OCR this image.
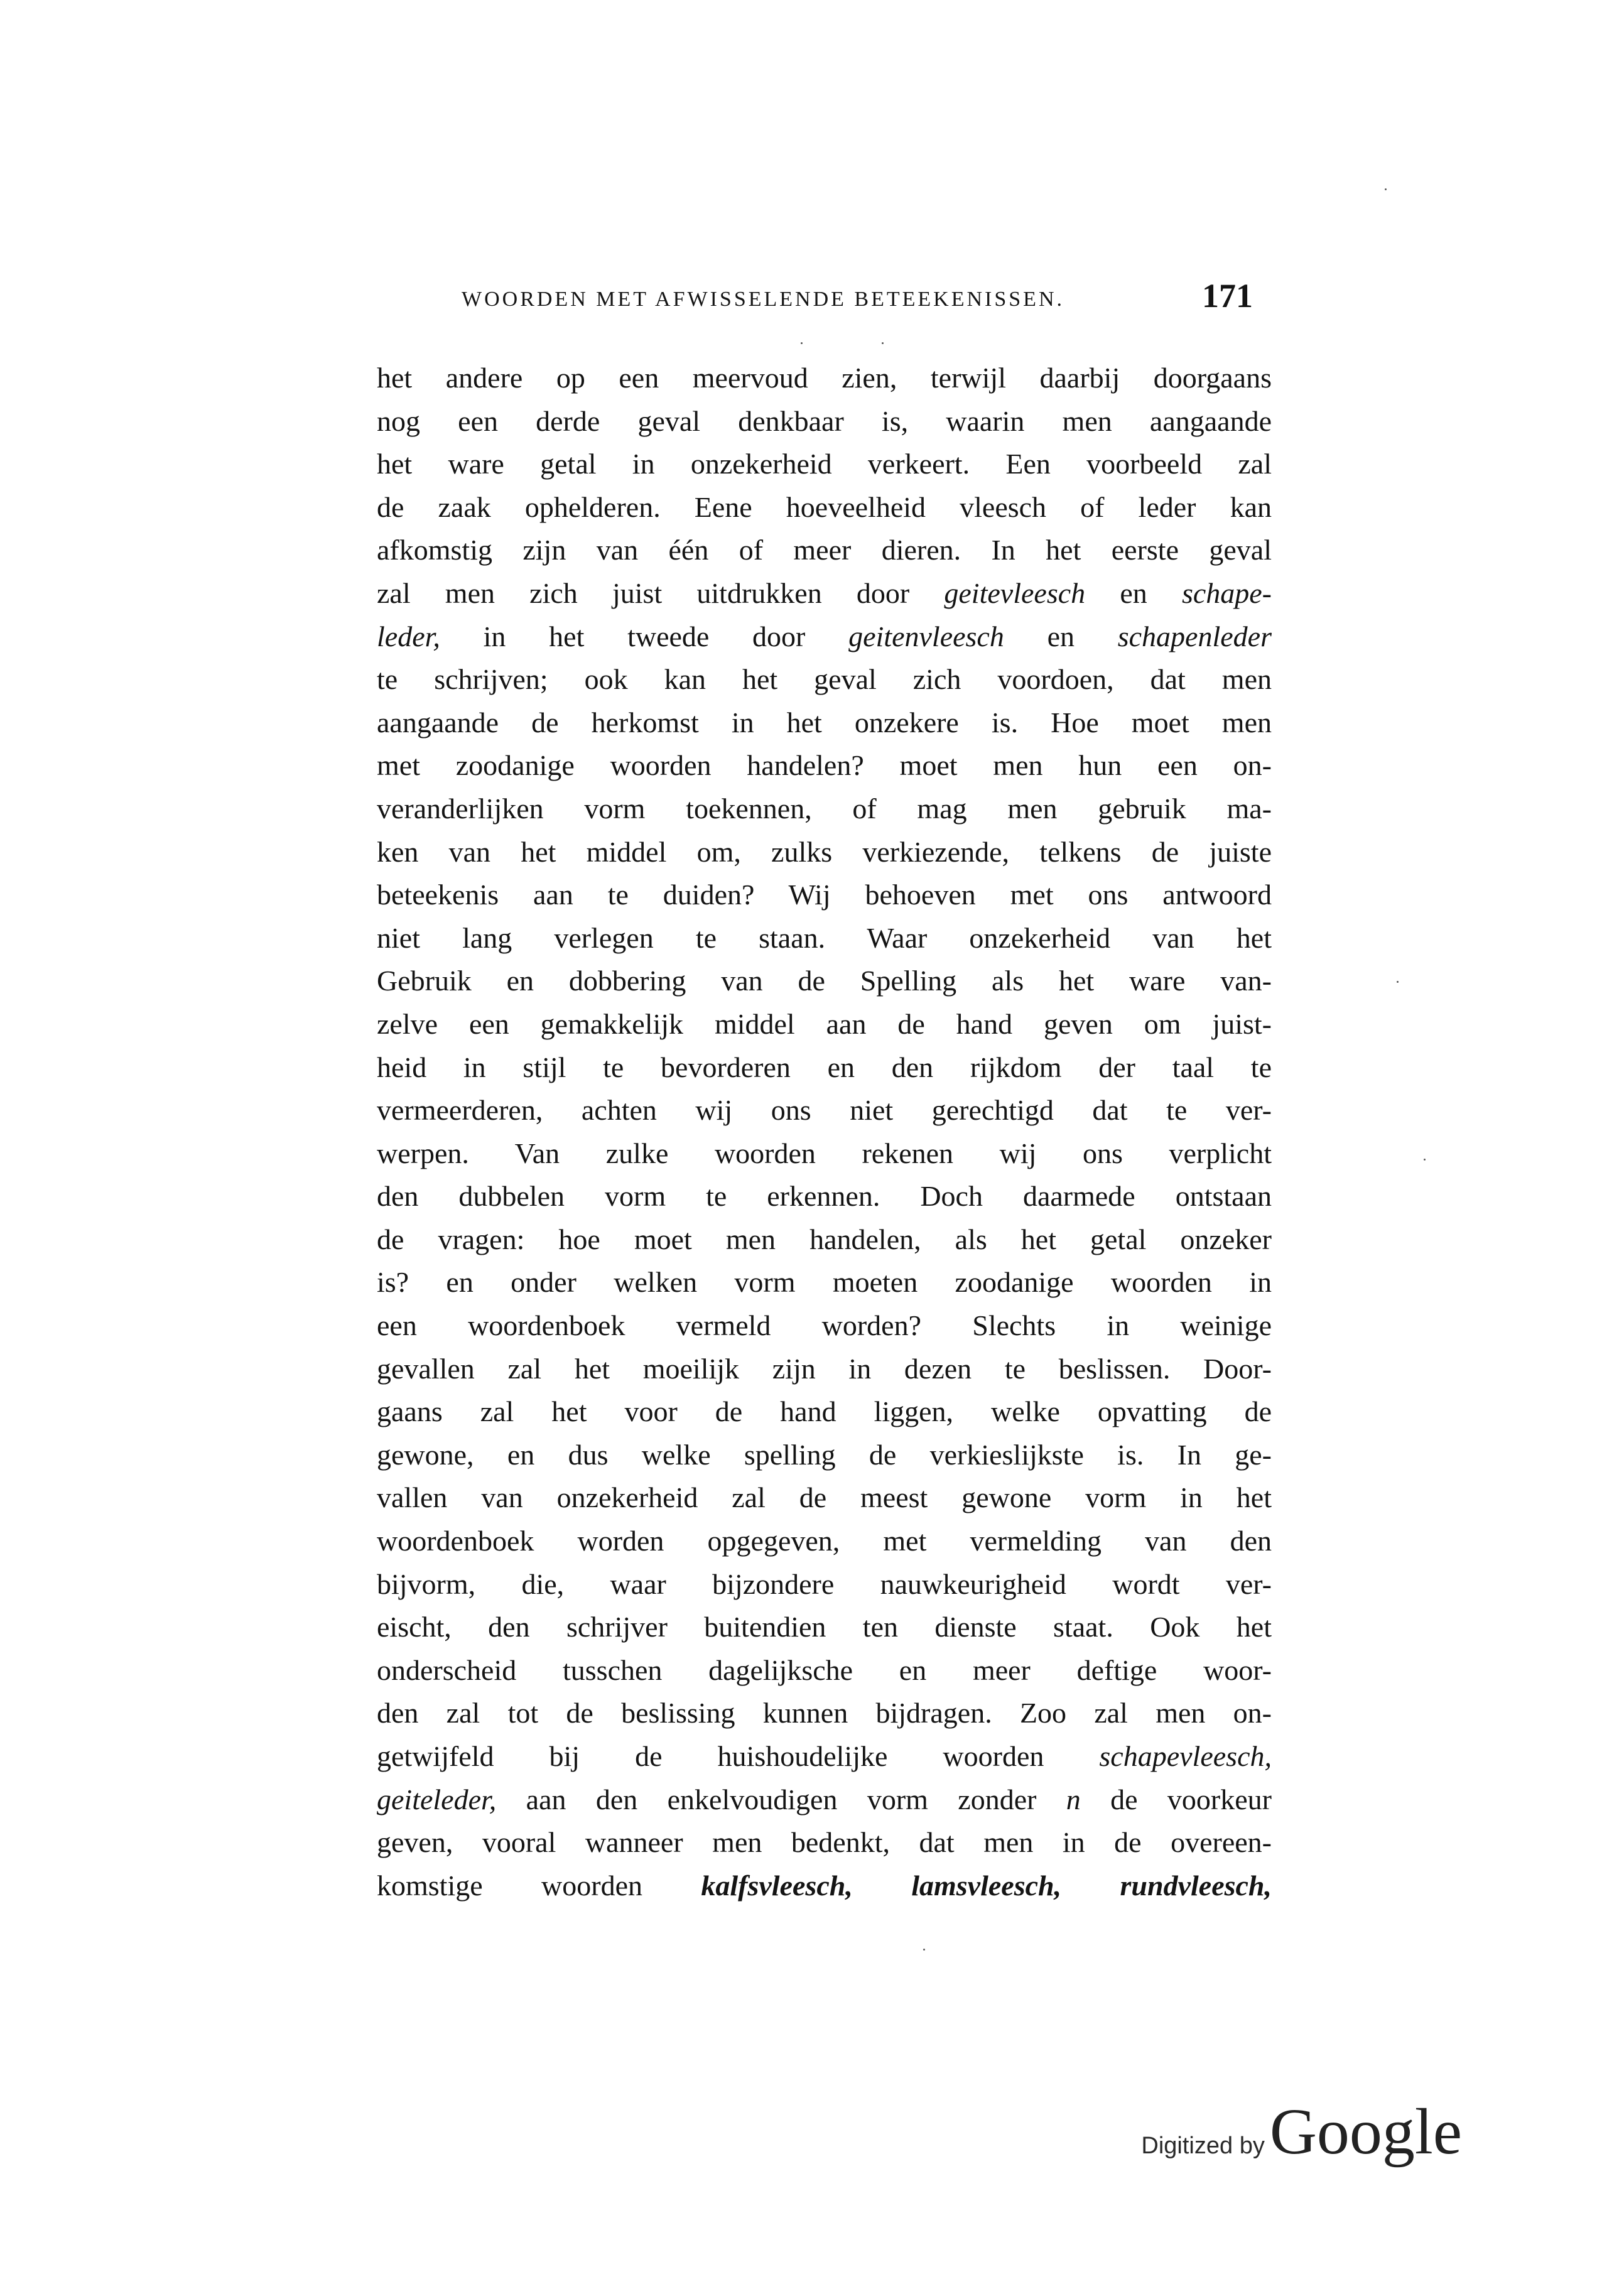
WOORDEN MET AFWISSELENDE BETEEKENISSEN.	171
het andere op een meervoud zien, terwijl daarbij doorgaans
nog een derde geval denkbaar is, waarin men aangaande
het ware getal in onzekerheid verkeert. Een voorbeeld zal
de zaak ophelderen. Eene hoeveelheid vleesch of leder kan
afkomstig zijn van één of meer dieren. In het eerste geval
zal men zich juist uitdrukken door geitevleesch en schape-
leder, in het tweede door geitenvleesch en schapenleder
te schrijven; ook kan het geval zich voordoen, dat men
aangaande de herkomst in het onzekere is. Hoe moet men
met zoodanige woorden handelen? moet men hun een on-
veranderlijken vorm toekennen, of mag men gebruik ma-
ken van het middel om, zulks verkiezende, telkens de juiste
beteekenis aan te duiden? Wij behoeven met ons antwoord
niet lang verlegen te staan. Waar onzekerheid van het
Gebruik en dobbering van de Spelling als het ware van-
zelve een gemakkelijk middel aan de hand geven om juist-
heid in stijl te bevorderen en den rijkdom der taal te
vermeerderen, achten wij ons niet gerechtigd dat te ver-
werpen. Van zulke woorden rekenen wij ons verplicht
den dubbelen vorm te erkennen. Doch daarmede ontstaan
de vragen: hoe moet men handelen, als het getal onzeker
is? en onder welken vorm moeten zoodanige woorden in
een woordenboek vermeld worden? Slechts in weinige
gevallen zal het moeilijk zijn in dezen te beslissen. Door-
gaans zal het voor de hand liggen, welke opvatting de
gewone, en dus welke spelling de verkieslijkste is. In ge-
vallen van onzekerheid zal de meest gewone vorm in het
woordenboek worden opgegeven, met vermelding van den
bijvorm, die, waar bijzondere nauwkeurigheid wordt ver-
eischt, den schrijver buitendien ten dienste staat. Ook het
onderscheid tusschen dagelijksche en meer deftige woor-
den zal tot de beslissing kunnen bijdragen. Zoo zal men on-
getwijfeld bij de huishoudelijke woorden schapevleesch,
geiteleder, aan den enkelvoudigen vorm zonder n de voorkeur
geven, vooral wanneer men bedenkt, dat men in de overeen-
komstige woorden kalfsvleesch, lamsvleesch, rundvleesch,
Digitized by Google
